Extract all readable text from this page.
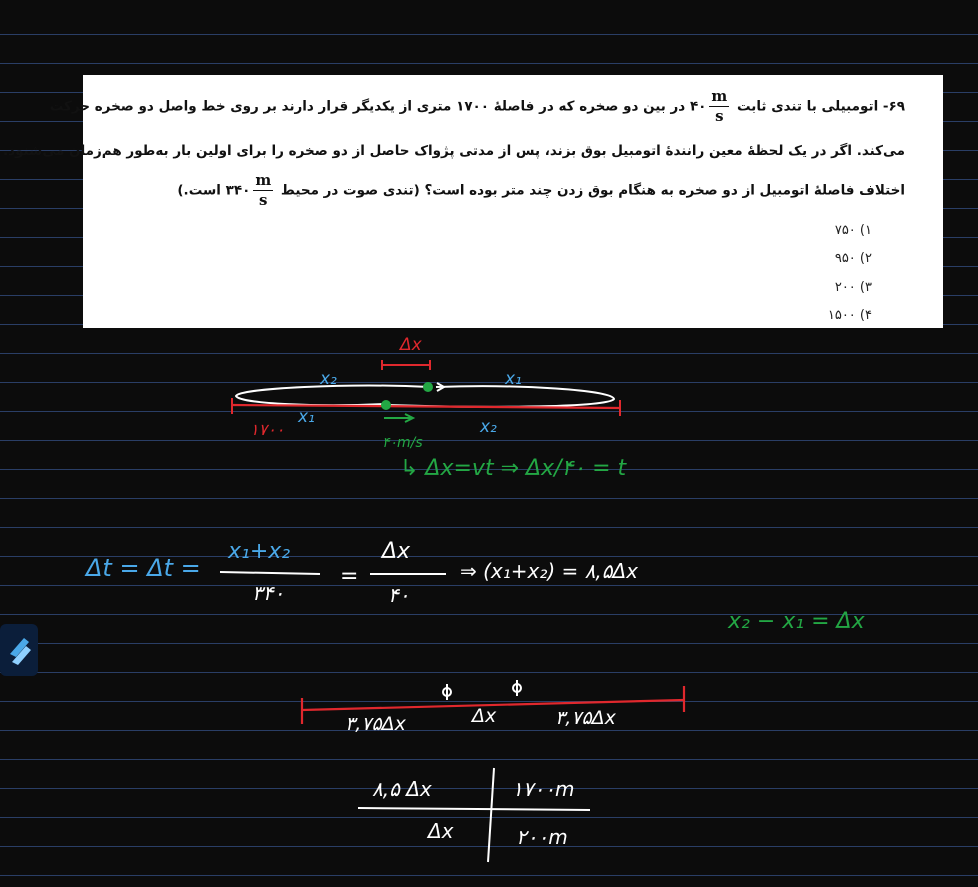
۶۹- اتومبیلی با تندی ثابت
$\frac{m}{s}$
۴۰ در بین دو صخره که در فاصلهٔ ۱۷۰۰ متری از یکدیگر قرار دارند بر روی خط واصل دو صخره حرکت
می‌کند. اگر در یک لحظهٔ معین رانندهٔ اتومبیل بوق بزند، پس از مدتی پژواک حاصل از دو صخره را برای اولین بار به‌طور هم‌زمان می‌شنود.
اختلاف فاصلهٔ اتومبیل از دو صخره به هنگام بوق زدن چند متر بوده است؟ (تندی صوت در محیط
$\frac{m}{s}$
۳۴۰ است.)
۱) ۷۵۰
۲) ۹۵۰
۳) ۲۰۰
۴) ۱۵۰۰
Δx
x₂	x₁
۱۷۰۰
x₁	x₂
۴۰m/s
↳ Δx=vt ⇒ Δx/۴۰ = t
Δt = Δt =
x₁+x₂
۳۴۰
=
Δx
۴۰
⇒ (x₁+x₂) = ۸,۵Δx
x₂ − x₁ = Δx
۳,۷۵Δx	Δx	۳,۷۵Δx
۸,۵ Δx	۱۷۰۰m
Δx	۲۰۰m
